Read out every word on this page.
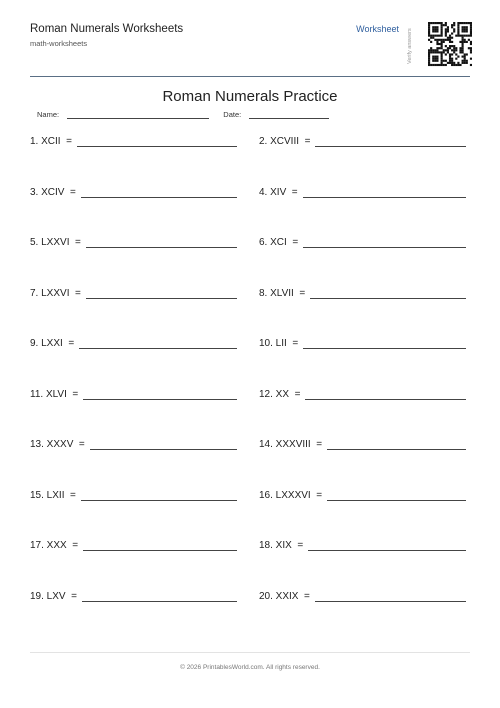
Roman Numerals Worksheets
math-worksheets
Worksheet Verify answers
Roman Numerals Practice
Name:	Date:
1. XCII  =	2. XCVIII  =
3. XCIV  =	4. XIV  =
5. LXXVI  =	6. XCI  =
7. LXXVI  =	8. XLVII  =
9. LXXI  =	10. LII  =
11. XLVI  =	12. XX  =
13. XXXV  =	14. XXXVIII  =
15. LXII  =	16. LXXXVI  =
17. XXX  =	18. XIX  =
19. LXV  =	20. XXIX  =
© 2026 PrintablesWorld.com. All rights reserved.
